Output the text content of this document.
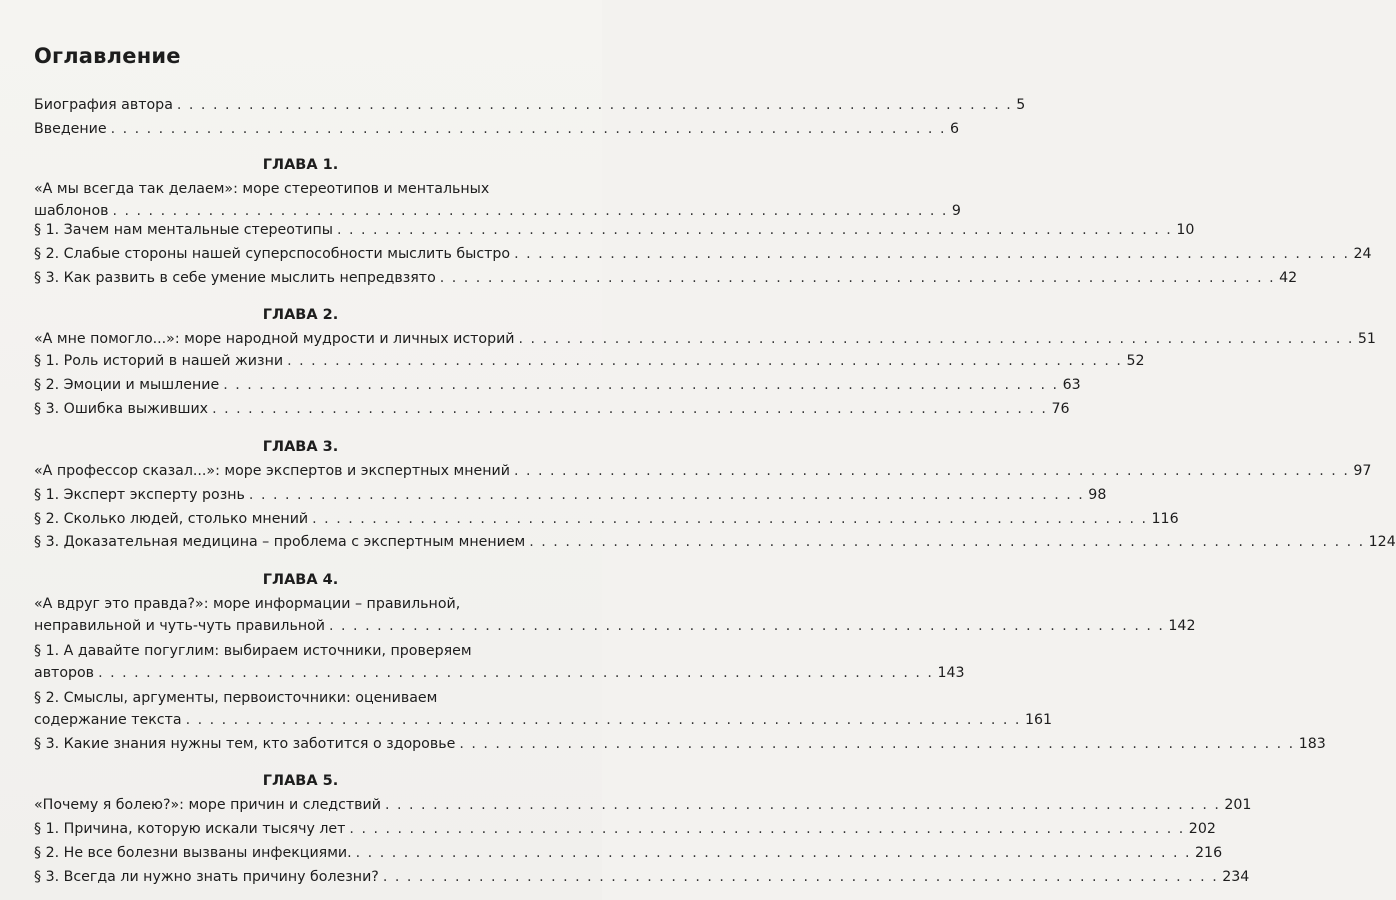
Оглавление
Биография автора . . .	5
Введение . . .	6
ГЛАВА 1.
«А мы всегда так делаем»: море стереотипов и ментальных
шаблонов . . .	9
§ 1. Зачем нам ментальные стереотипы . . .	10
§ 2. Слабые стороны нашей суперспособности мыслить быстро . . .	24
§ 3. Как развить в себе умение мыслить непредвзято . . .	42
ГЛАВА 2.
«А мне помогло...»: море народной мудрости и личных историй . . .	51
§ 1. Роль историй в нашей жизни . . .	52
§ 2. Эмоции и мышление . . .	63
§ 3. Ошибка выживших . . .	76
ГЛАВА 3.
«А профессор сказал...»: море экспертов и экспертных мнений . . .	97
§ 1. Эксперт эксперту рознь . . .	98
§ 2. Сколько людей, столько мнений . . .	116
§ 3. Доказательная медицина – проблема с экспертным мнением . . .	124
ГЛАВА 4.
«А вдруг это правда?»: море информации – правильной,
неправильной и чуть-чуть правильной . . .	142
§ 1. А давайте погуглим: выбираем источники, проверяем
авторов . . .	143
§ 2. Смыслы, аргументы, первоисточники: оцениваем
содержание текста . . .	161
§ 3. Какие знания нужны тем, кто заботится о здоровье . . .	183
ГЛАВА 5.
«Почему я болею?»: море причин и следствий . . .	201
§ 1. Причина, которую искали тысячу лет . . .	202
§ 2. Не все болезни вызваны инфекциями. . . .	216
§ 3. Всегда ли нужно знать причину болезни? . . .	234
